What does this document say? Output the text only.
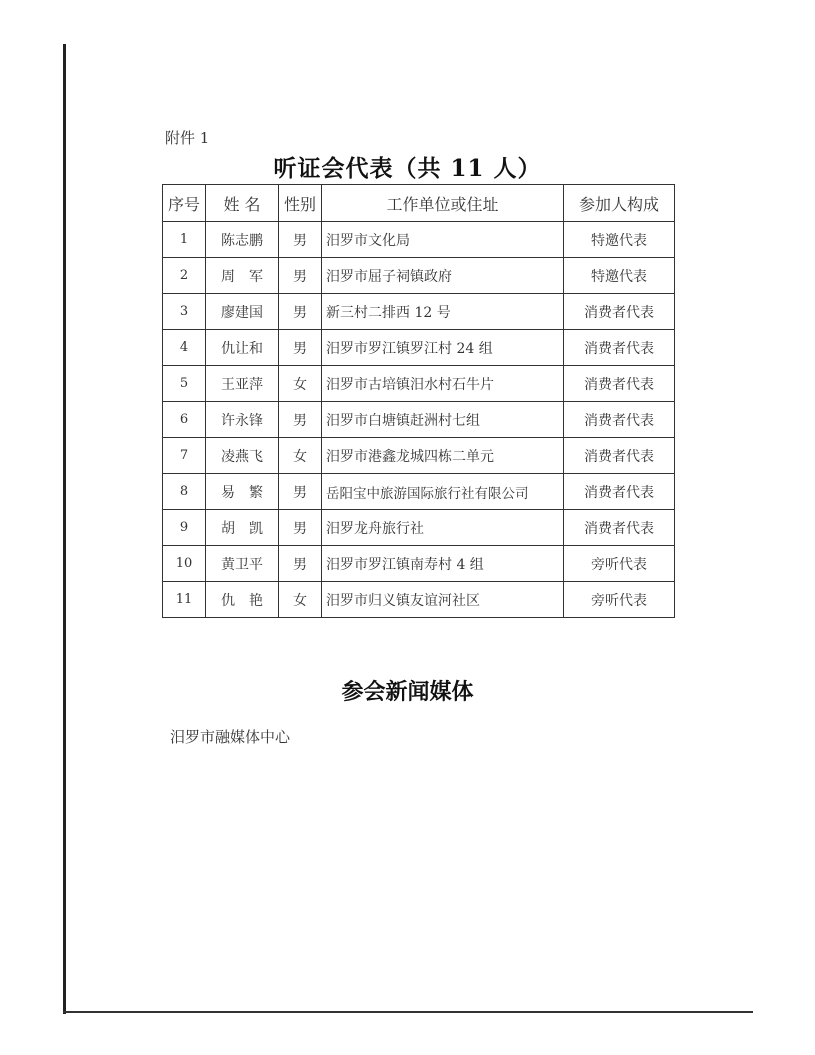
附件 1
听证会代表（共 11 人）
序号	姓 名	性别	工作单位或住址	参加人构成
1	陈志鹏	男	汨罗市文化局	特邀代表
2	周　军	男	汨罗市屈子祠镇政府	特邀代表
3	廖建国	男	新三村二排西 12 号	消费者代表
4	仇让和	男	汨罗市罗江镇罗江村 24 组	消费者代表
5	王亚萍	女	汨罗市古培镇汨水村石牛片	消费者代表
6	许永锋	男	汨罗市白塘镇赶洲村七组	消费者代表
7	凌燕飞	女	汨罗市港鑫龙城四栋二单元	消费者代表
8	易　繁	男	岳阳宝中旅游国际旅行社有限公司	消费者代表
9	胡　凯	男	汨罗龙舟旅行社	消费者代表
10	黄卫平	男	汨罗市罗江镇南寿村 4 组	旁听代表
11	仇　艳	女	汨罗市归义镇友谊河社区	旁听代表
参会新闻媒体
汨罗市融媒体中心
